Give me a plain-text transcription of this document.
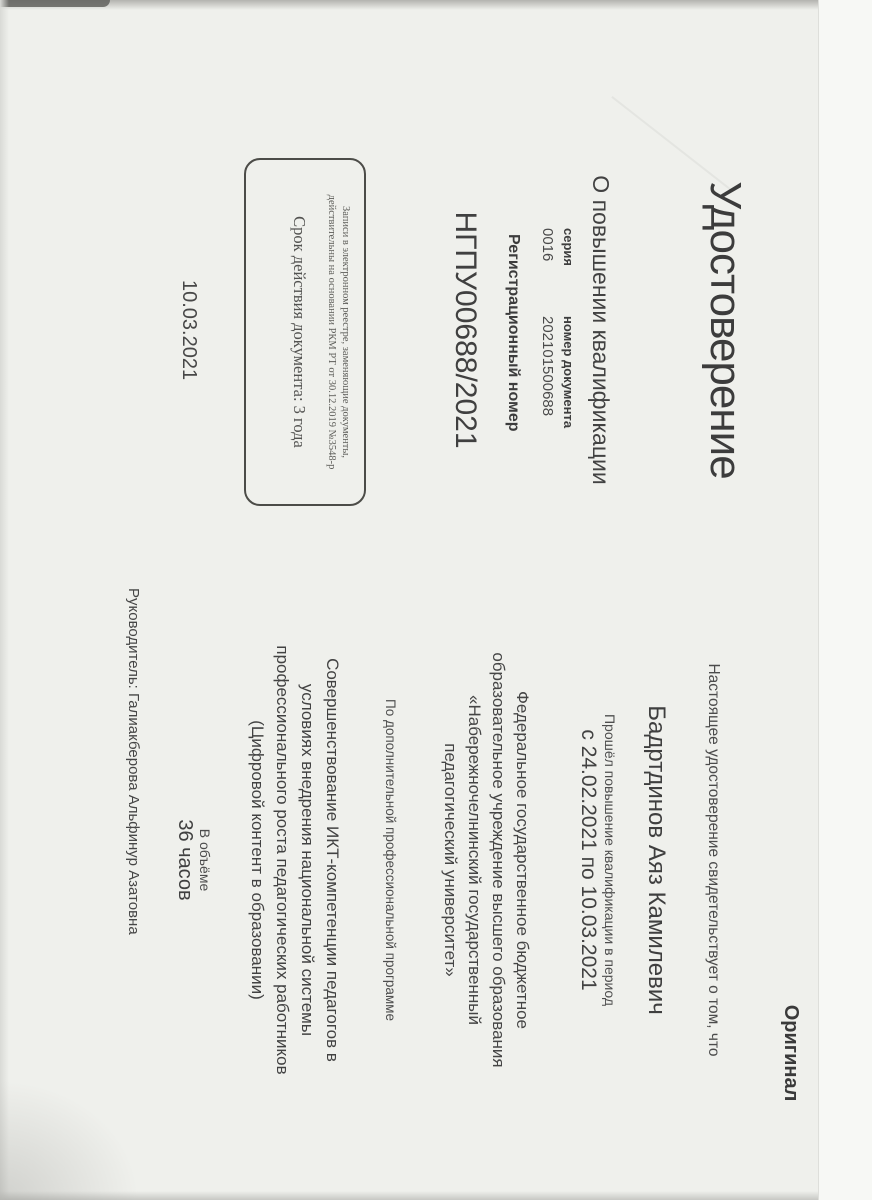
Удостоверение
О повышении квалификации
серия
номер документа
0016
202101500688
Регистрационный номер
НГПУ00688/2021
Записи в электронном реестре, заменяющие документы,
действительны на основании РКМ РТ от 30.12.2019 №3548-р
Срок действия документа: 3 года
10.03.2021
Оригинал
Настоящее удостоверение свидетельствует о том, что
Бадртдинов Аяз Камилевич
Прошёл повышение квалификации в период
с 24.02.2021 по 10.03.2021
Федеральное государственное бюджетное
образовательное учреждение высшего образования
«Набережночелнинский государственный
педагогический университет»
По дополнительной профессиональной программе
Совершенствование ИКТ-компетенции педагогов в
условиях внедрения национальной системы
профессионального роста педагогических работников
(Цифровой контент в образовании)
В объёме
36 часов
Руководитель: Галиакберова Альфинур Азатовна
